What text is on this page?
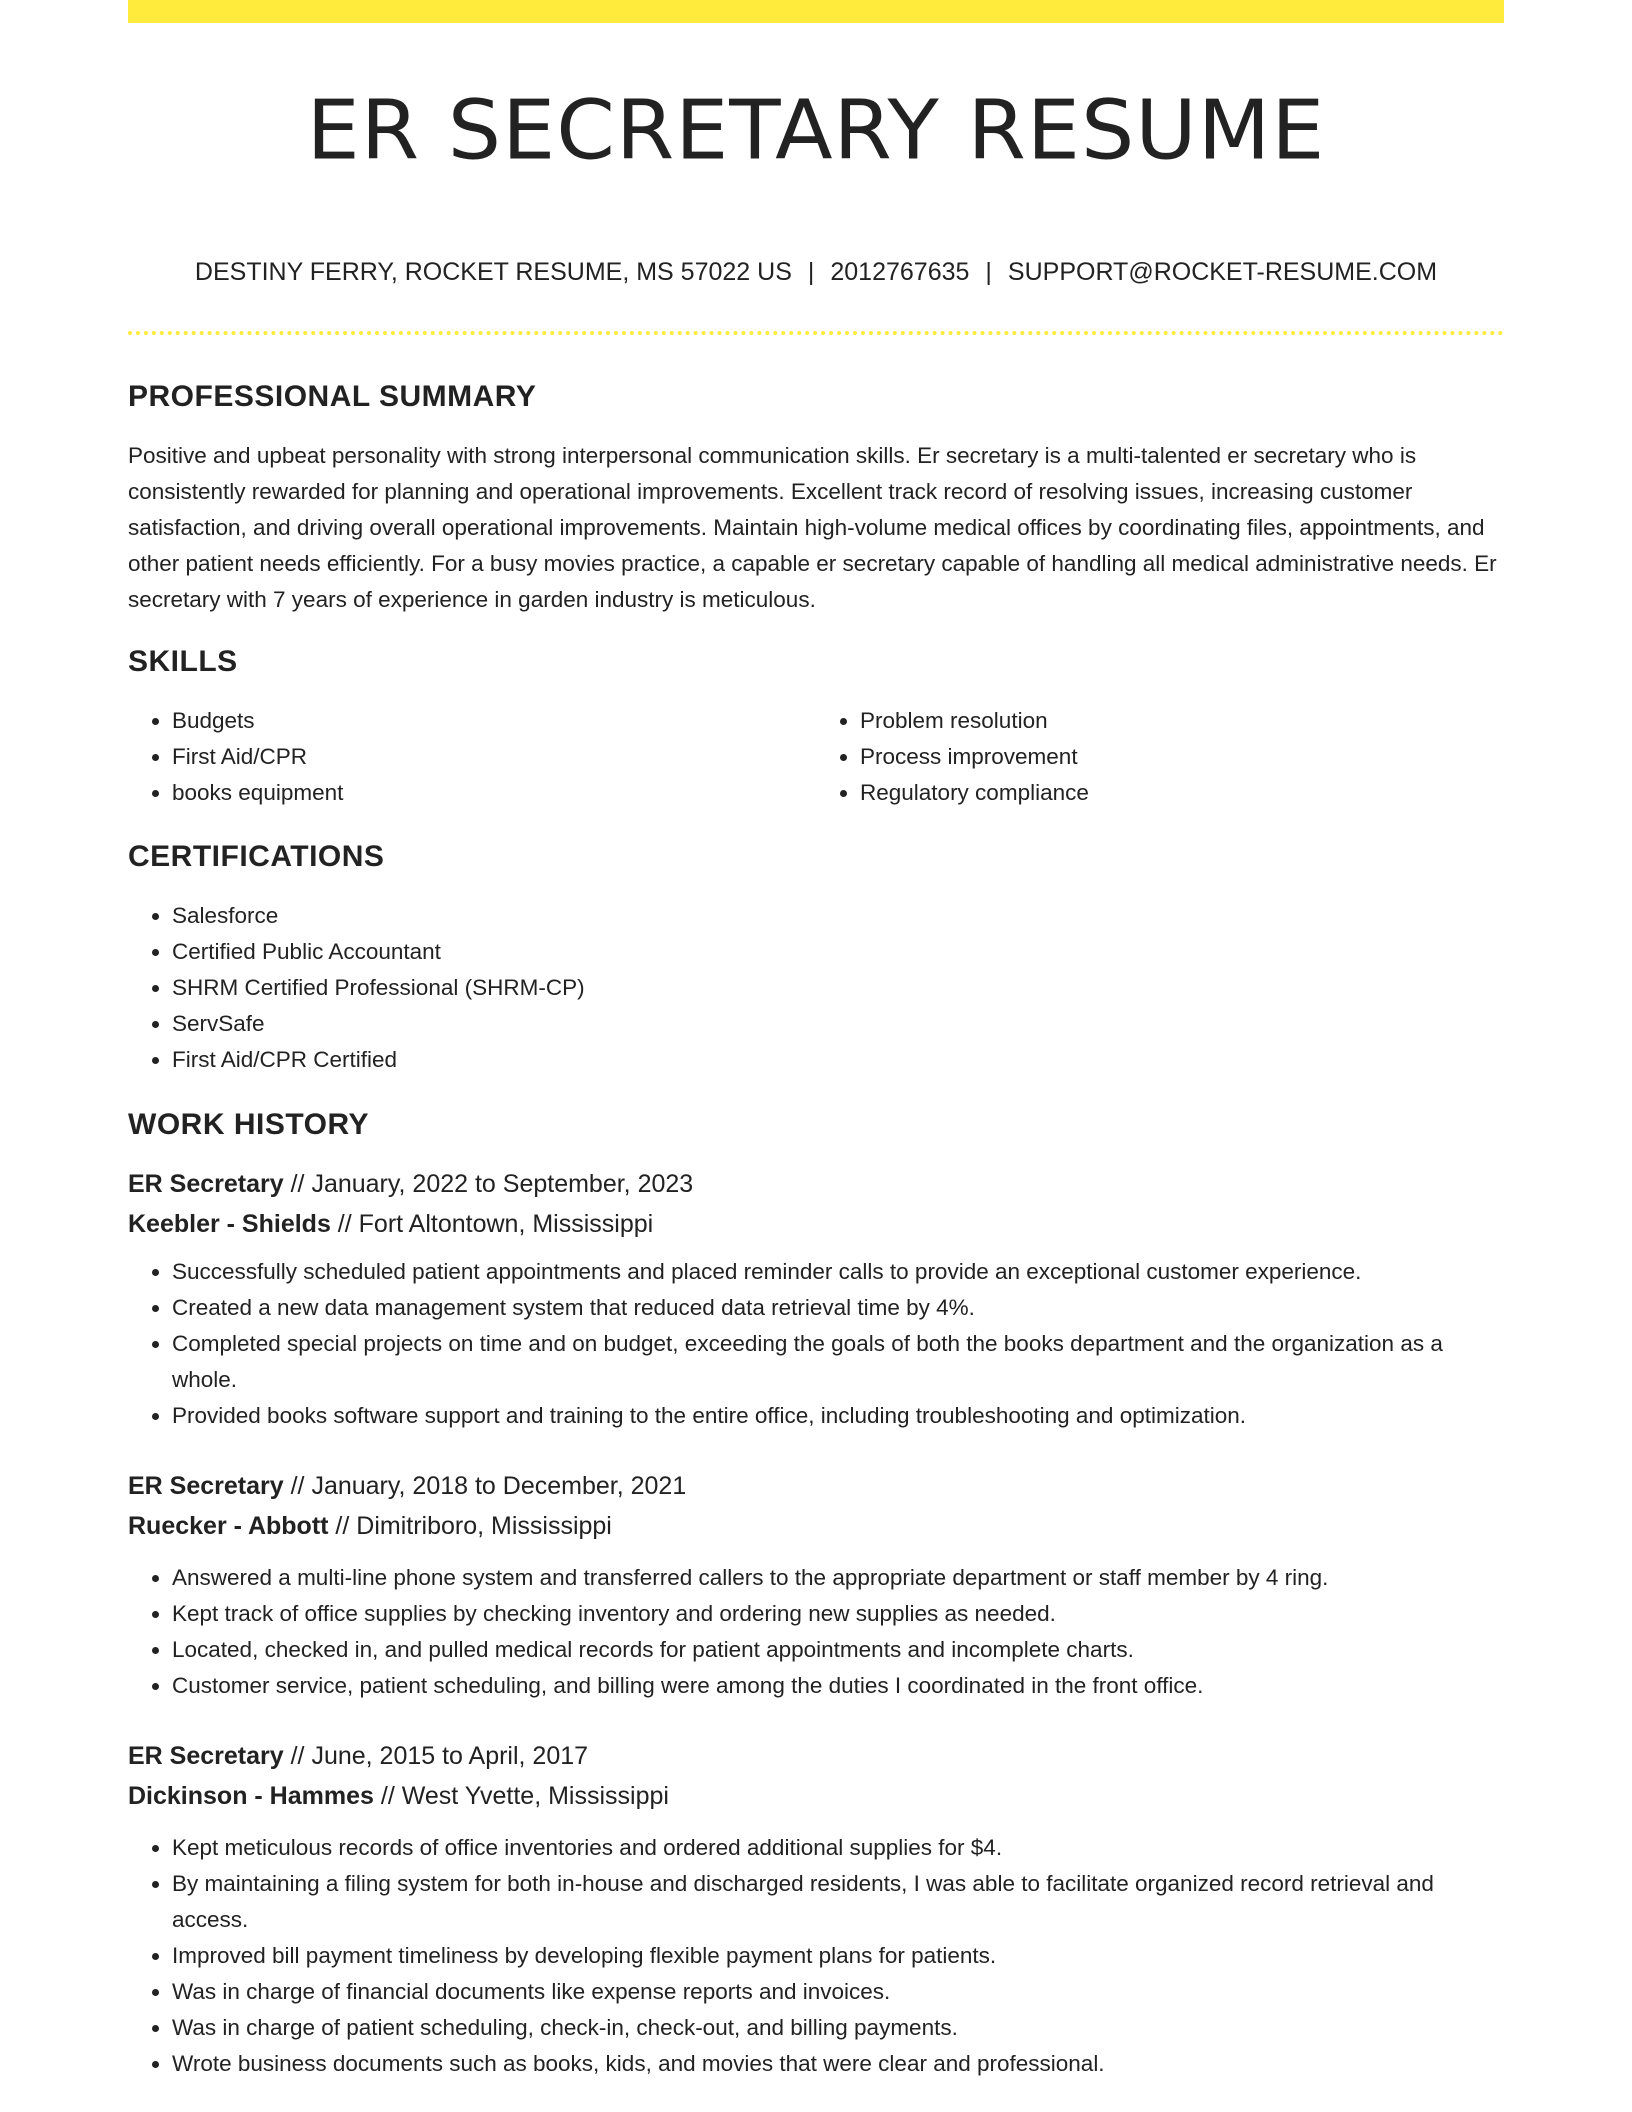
ER SECRETARY RESUME
DESTINY FERRY, ROCKET RESUME, MS 57022 US | 2012767635 | SUPPORT@ROCKET-RESUME.COM
PROFESSIONAL SUMMARY

Positive and upbeat personality with strong interpersonal communication skills. Er secretary is a multi-talented er secretary who is consistently rewarded for planning and operational improvements. Excellent track record of resolving issues, increasing customer satisfaction, and driving overall operational improvements. Maintain high-volume medical offices by coordinating files, appointments, and other patient needs efficiently. For a busy movies practice, a capable er secretary capable of handling all medical administrative needs. Er secretary with 7 years of experience in garden industry is meticulous.

SKILLS
• Budgets
• First Aid/CPR
• books equipment
• Problem resolution
• Process improvement
• Regulatory compliance
CERTIFICATIONS
• Salesforce
• Certified Public Accountant
• SHRM Certified Professional (SHRM-CP)
• ServSafe
• First Aid/CPR Certified
WORK HISTORY
ER Secretary // January, 2022 to September, 2023
Keebler - Shields // Fort Altontown, Mississippi
• Successfully scheduled patient appointments and placed reminder calls to provide an exceptional customer experience.
• Created a new data management system that reduced data retrieval time by 4%.
• Completed special projects on time and on budget, exceeding the goals of both the books department and the organization as a whole.
• Provided books software support and training to the entire office, including troubleshooting and optimization.
ER Secretary // January, 2018 to December, 2021
Ruecker - Abbott // Dimitriboro, Mississippi
• Answered a multi-line phone system and transferred callers to the appropriate department or staff member by 4 ring.
• Kept track of office supplies by checking inventory and ordering new supplies as needed.
• Located, checked in, and pulled medical records for patient appointments and incomplete charts.
• Customer service, patient scheduling, and billing were among the duties I coordinated in the front office.
ER Secretary // June, 2015 to April, 2017
Dickinson - Hammes // West Yvette, Mississippi
• Kept meticulous records of office inventories and ordered additional supplies for $4.
• By maintaining a filing system for both in-house and discharged residents, I was able to facilitate organized record retrieval and access.
• Improved bill payment timeliness by developing flexible payment plans for patients.
• Was in charge of financial documents like expense reports and invoices.
• Was in charge of patient scheduling, check-in, check-out, and billing payments.
• Wrote business documents such as books, kids, and movies that were clear and professional.
